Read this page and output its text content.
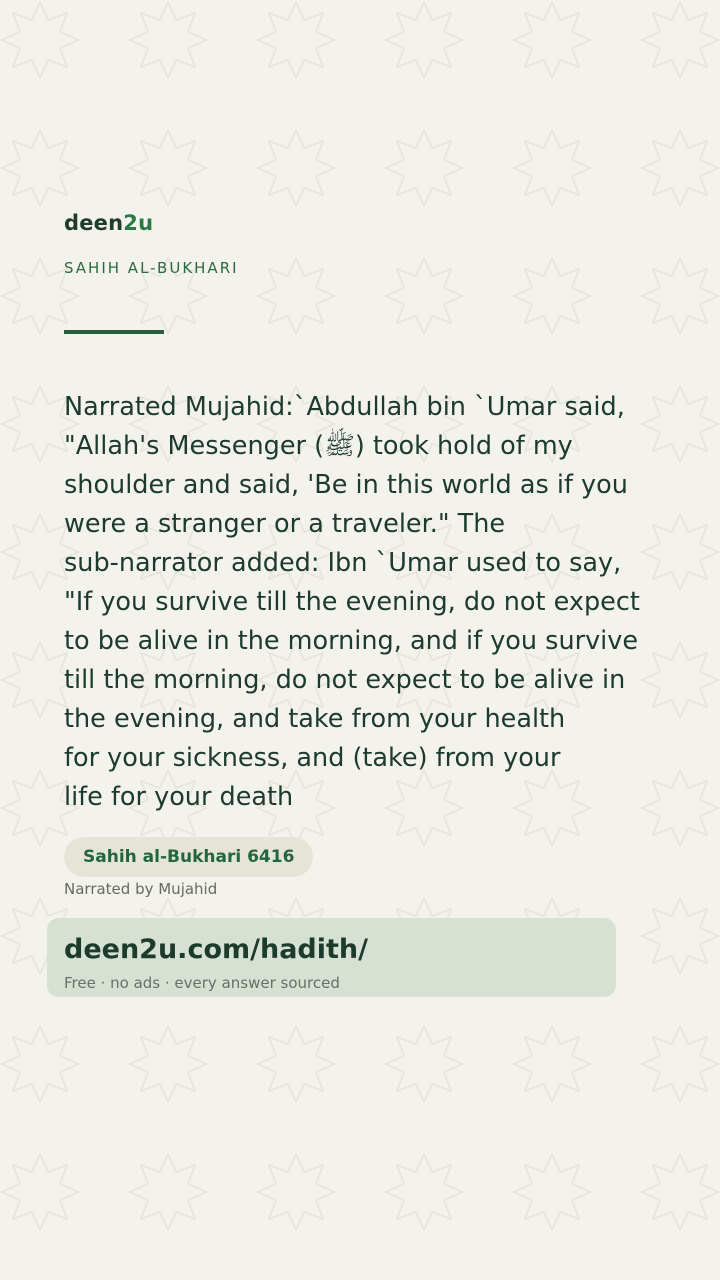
deen2u
SAHIH AL-BUKHARI
Narrated Mujahid:`Abdullah bin `Umar said,
"Allah's Messenger (ﷺ) took hold of my
shoulder and said, 'Be in this world as if you
were a stranger or a traveler." The
sub-narrator added: Ibn `Umar used to say,
"If you survive till the evening, do not expect
to be alive in the morning, and if you survive
till the morning, do not expect to be alive in
the evening, and take from your health
for your sickness, and (take) from your
life for your death
Sahih al-Bukhari 6416
Narrated by Mujahid
deen2u.com/hadith/
Free · no ads · every answer sourced
